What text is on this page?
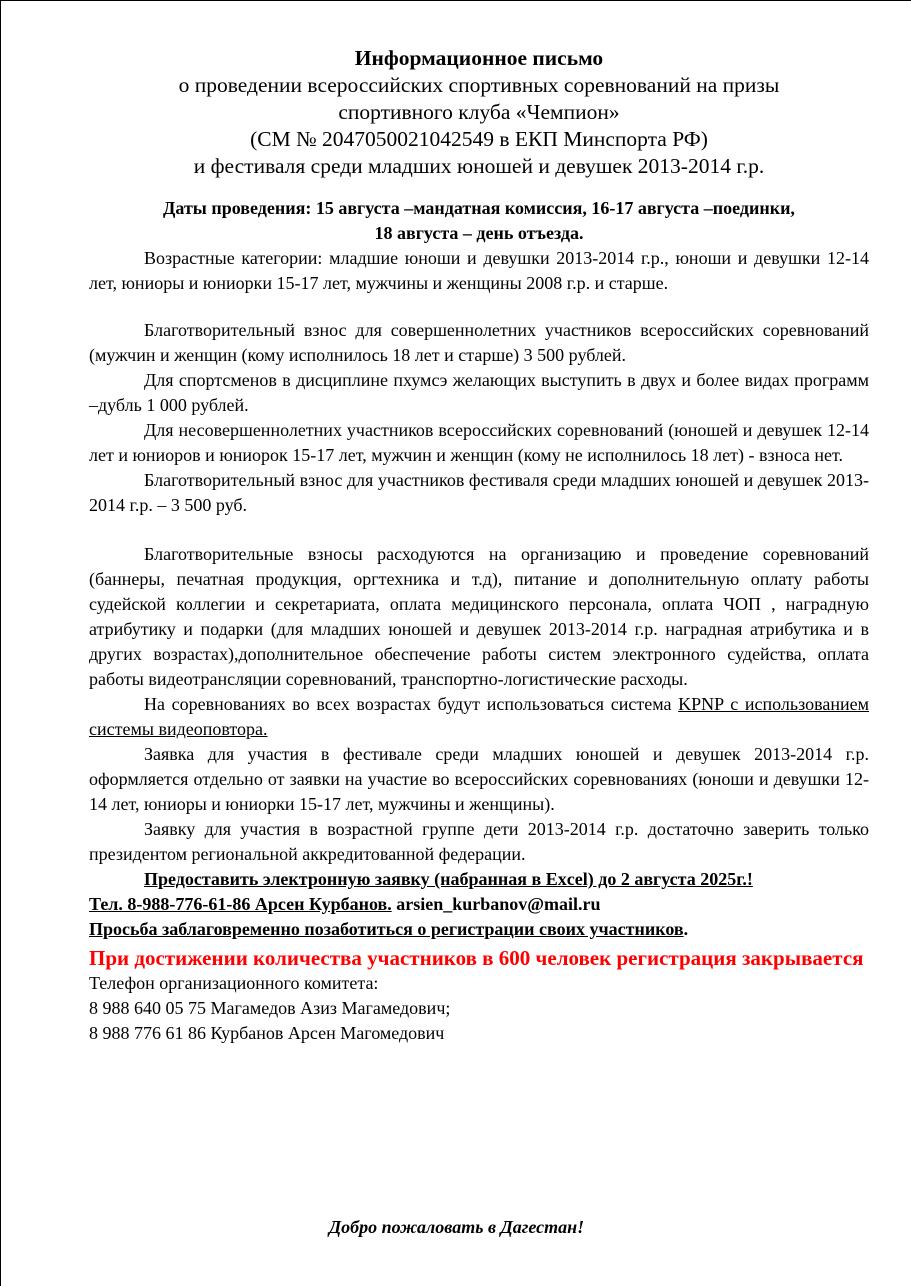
Информационное письмо
о проведении всероссийских спортивных соревнований на призы
спортивного клуба «Чемпион»
(СМ № 2047050021042549 в ЕКП Минспорта РФ)
и фестиваля среди младших юношей и девушек 2013-2014 г.р.
Даты проведения: 15 августа –мандатная комиссия, 16-17 августа –поединки,
18 августа – день отъезда.

Возрастные категории: младшие юноши и девушки 2013-2014 г.р., юноши и девушки 12-14 лет, юниоры и юниорки 15-17 лет, мужчины и женщины 2008 г.р. и старше.

Благотворительный взнос для совершеннолетних участников всероссийских соревнований (мужчин и женщин (кому исполнилось 18 лет и старше) 3 500 рублей.

Для спортсменов в дисциплине пхумсэ желающих выступить в двух и более видах программ –дубль 1 000 рублей.

Для несовершеннолетних участников всероссийских соревнований (юношей и девушек 12-14 лет и юниоров и юниорок 15-17 лет, мужчин и женщин (кому не исполнилось 18 лет) - взноса нет.

Благотворительный взнос для участников фестиваля среди младших юношей и девушек 2013-2014 г.р. – 3 500 руб.

Благотворительные взносы расходуются на организацию и проведение соревнований (баннеры, печатная продукция, оргтехника и т.д), питание и дополнительную оплату работы судейской коллегии и секретариата, оплата медицинского персонала, оплата ЧОП , наградную атрибутику и подарки (для младших юношей и девушек 2013-2014 г.р. наградная атрибутика и в других возрастах),дополнительное обеспечение работы систем электронного судейства, оплата работы видеотрансляции соревнований, транспортно-логистические расходы.

На соревнованиях во всех возрастах будут использоваться система KPNP с использованием системы видеоповтора.

Заявка для участия в фестивале среди младших юношей и девушек 2013-2014 г.р. оформляется отдельно от заявки на участие во всероссийских соревнованиях (юноши и девушки 12-14 лет, юниоры и юниорки 15-17 лет, мужчины и женщины).

Заявку для участия в возрастной группе дети 2013-2014 г.р. достаточно заверить только президентом региональной аккредитованной федерации.

Предоставить электронную заявку (набранная в Excel) до 2 августа 2025г.!

Тел. 8-988-776-61-86 Арсен Курбанов. arsien_kurbanov@mail.ru

Просьба заблаговременно позаботиться о регистрации своих участников.

При достижении количества участников в 600 человек регистрация закрывается

Телефон организационного комитета:

8 988 640 05 75 Магамедов Азиз Магамедович;

8 988 776 61 86 Курбанов Арсен Магомедович

Добро пожаловать в Дагестан!
